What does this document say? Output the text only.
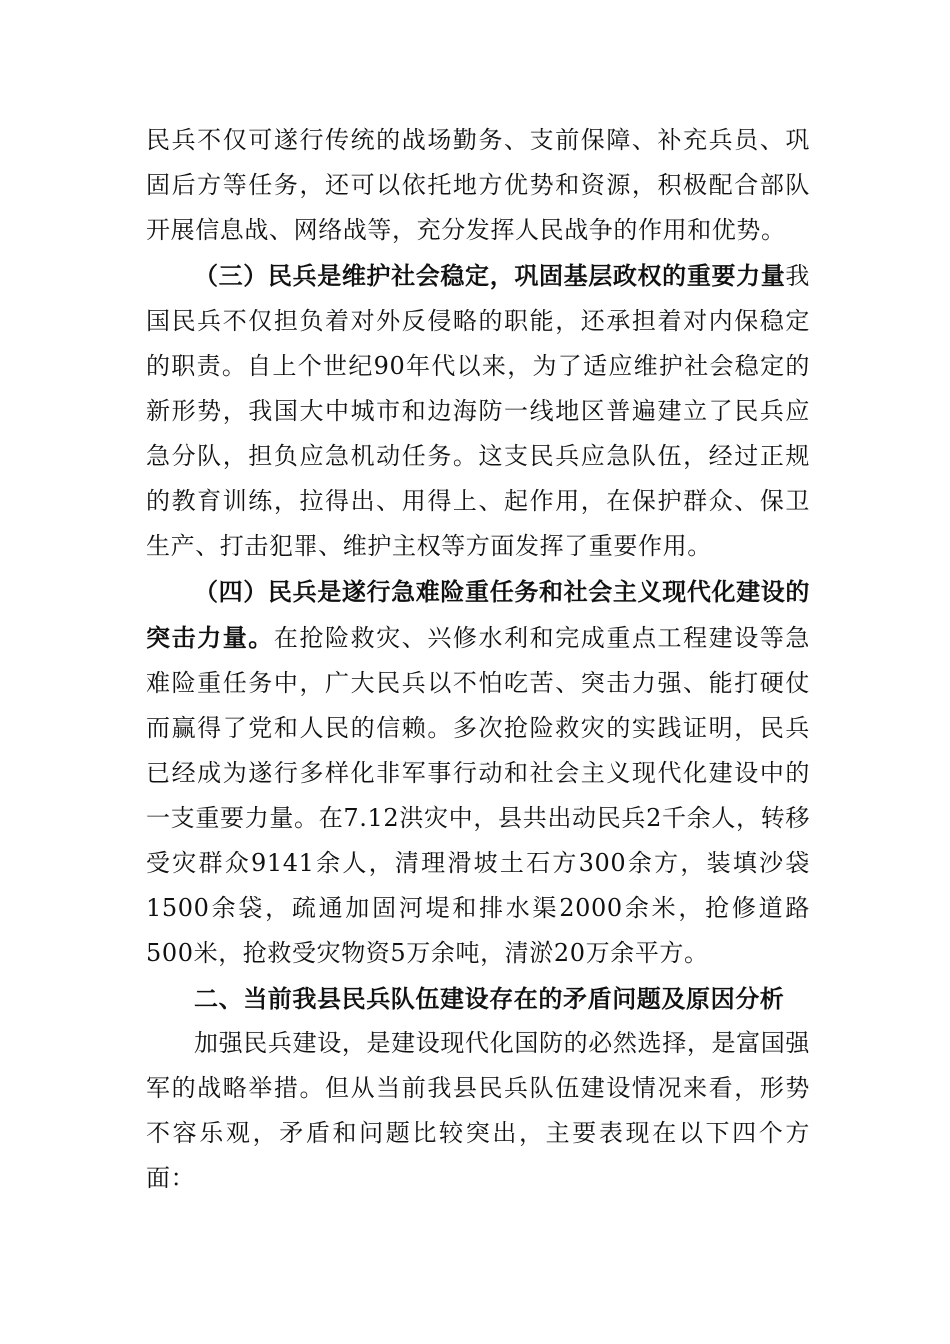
民兵不仅可遂行传统的战场勤务、支前保障、补充兵员、巩固后方等任务，还可以依托地方优势和资源，积极配合部队开展信息战、网络战等，充分发挥人民战争的作用和优势。

（三）民兵是维护社会稳定，巩固基层政权的重要力量我国民兵不仅担负着对外反侵略的职能，还承担着对内保稳定的职责。自上个世纪90年代以来，为了适应维护社会稳定的新形势，我国大中城市和边海防一线地区普遍建立了民兵应急分队，担负应急机动任务。这支民兵应急队伍，经过正规的教育训练，拉得出、用得上、起作用，在保护群众、保卫生产、打击犯罪、维护主权等方面发挥了重要作用。

（四）民兵是遂行急难险重任务和社会主义现代化建设的突击力量。在抢险救灾、兴修水利和完成重点工程建设等急难险重任务中，广大民兵以不怕吃苦、突击力强、能打硬仗而赢得了党和人民的信赖。多次抢险救灾的实践证明，民兵已经成为遂行多样化非军事行动和社会主义现代化建设中的一支重要力量。在7.12洪灾中，县共出动民兵2千余人，转移受灾群众9141余人，清理滑坡土石方300余方，装填沙袋1500余袋，疏通加固河堤和排水渠2000余米，抢修道路500米，抢救受灾物资5万余吨，清淤20万余平方。

二、当前我县民兵队伍建设存在的矛盾问题及原因分析

加强民兵建设，是建设现代化国防的必然选择，是富国强军的战略举措。但从当前我县民兵队伍建设情况来看，形势不容乐观，矛盾和问题比较突出，主要表现在以下四个方面：
